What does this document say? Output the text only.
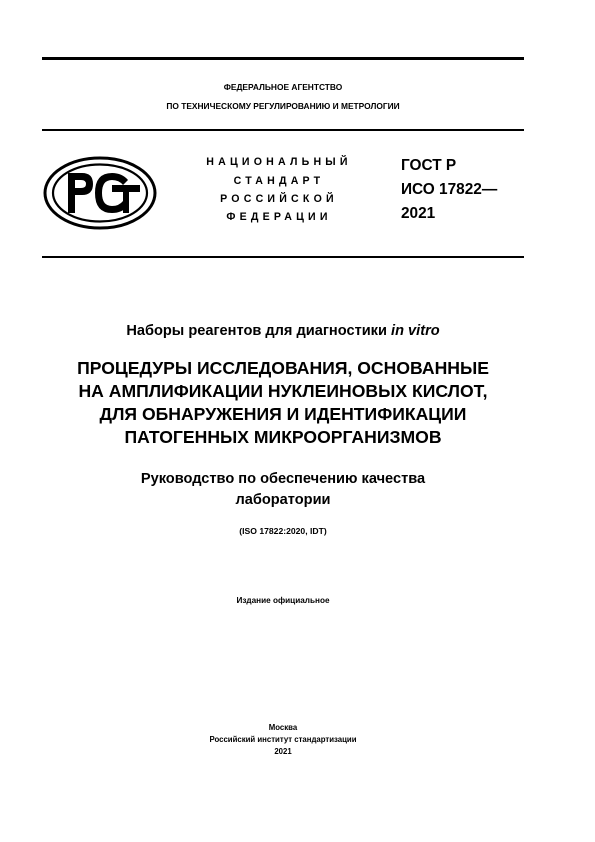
ФЕДЕРАЛЬНОЕ АГЕНТСТВО
ПО ТЕХНИЧЕСКОМУ РЕГУЛИРОВАНИЮ И МЕТРОЛОГИИ
НАЦИОНАЛЬНЫЙ
СТАНДАРТ
РОССИЙСКОЙ
ФЕДЕРАЦИИ
ГОСТ Р
ИСО 17822—
2021
Наборы реагентов для диагностики in vitro
ПРОЦЕДУРЫ ИССЛЕДОВАНИЯ, ОСНОВАННЫЕ
НА АМПЛИФИКАЦИИ НУКЛЕИНОВЫХ КИСЛОТ,
ДЛЯ ОБНАРУЖЕНИЯ И ИДЕНТИФИКАЦИИ
ПАТОГЕННЫХ МИКРООРГАНИЗМОВ
Руководство по обеспечению качества
лаборатории
(ISO 17822:2020, IDT)
Издание официальное
Москва
Российский институт стандартизации
2021
